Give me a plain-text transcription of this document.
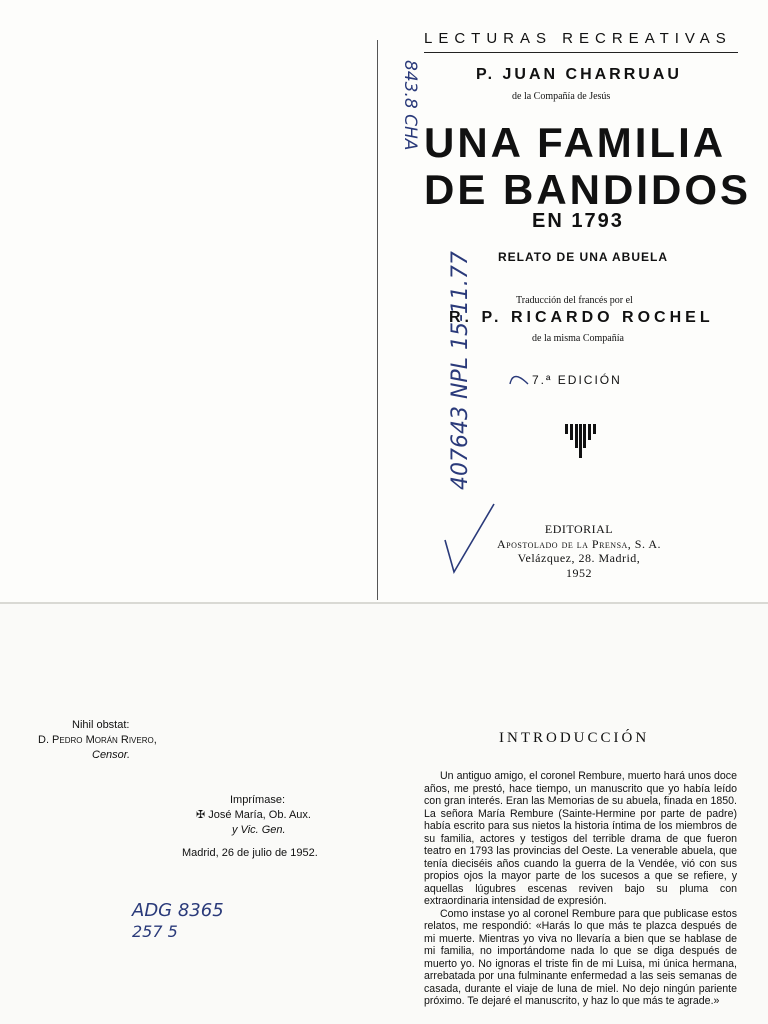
LECTURAS RECREATIVAS
P. JUAN CHARRUAU
de la Compañía de Jesús
UNA FAMILIA
DE BANDIDOS
EN 1793
RELATO DE UNA ABUELA
Traducción del francés por el
R. P. RICARDO ROCHEL
de la misma Compañía
7.ª EDICIÓN
EDITORIAL
Apostolado de la Prensa, S. A.
Velázquez, 28. Madrid,
1952
843.8 CHA
407643 NPL 15-11.77
Nihil obstat:
D. Pedro Morán Rivero,
Censor.
Imprímase:
✠ José María, Ob. Aux.
y Vic. Gen.
Madrid, 26 de julio de 1952.
ADG 8365
257 5
INTRODUCCIÓN

Un antiguo amigo, el coronel Rembure, muerto hará unos doce años, me prestó, hace tiempo, un manuscrito que yo había leído con gran interés. Eran las Memorias de su abuela, finada en 1850. La señora María Rembure (Sainte-Hermine por parte de padre) había escrito para sus nietos la historia íntima de los miembros de su familia, actores y testigos del terrible drama de que fueron teatro en 1793 las provincias del Oeste. La venerable abuela, que tenía dieciséis años cuando la guerra de la Vendée, vió con sus propios ojos la mayor parte de los sucesos a que se refiere, y aquellas lúgubres escenas reviven bajo su pluma con extraordinaria intensidad de expresión.

Como instase yo al coronel Rembure para que publicase estos relatos, me respondió: «Harás lo que más te plazca después de mi muerte. Mientras yo viva no llevaría a bien que se hablase de mi familia, no importándome nada lo que se diga después de muerto yo. No ignoras el triste fin de mi Luisa, mi única hermana, arrebatada por una fulminante enfermedad a las seis semanas de casada, durante el viaje de luna de miel. No dejo ningún pariente próximo. Te dejaré el manuscrito, y haz lo que más te agrade.»
